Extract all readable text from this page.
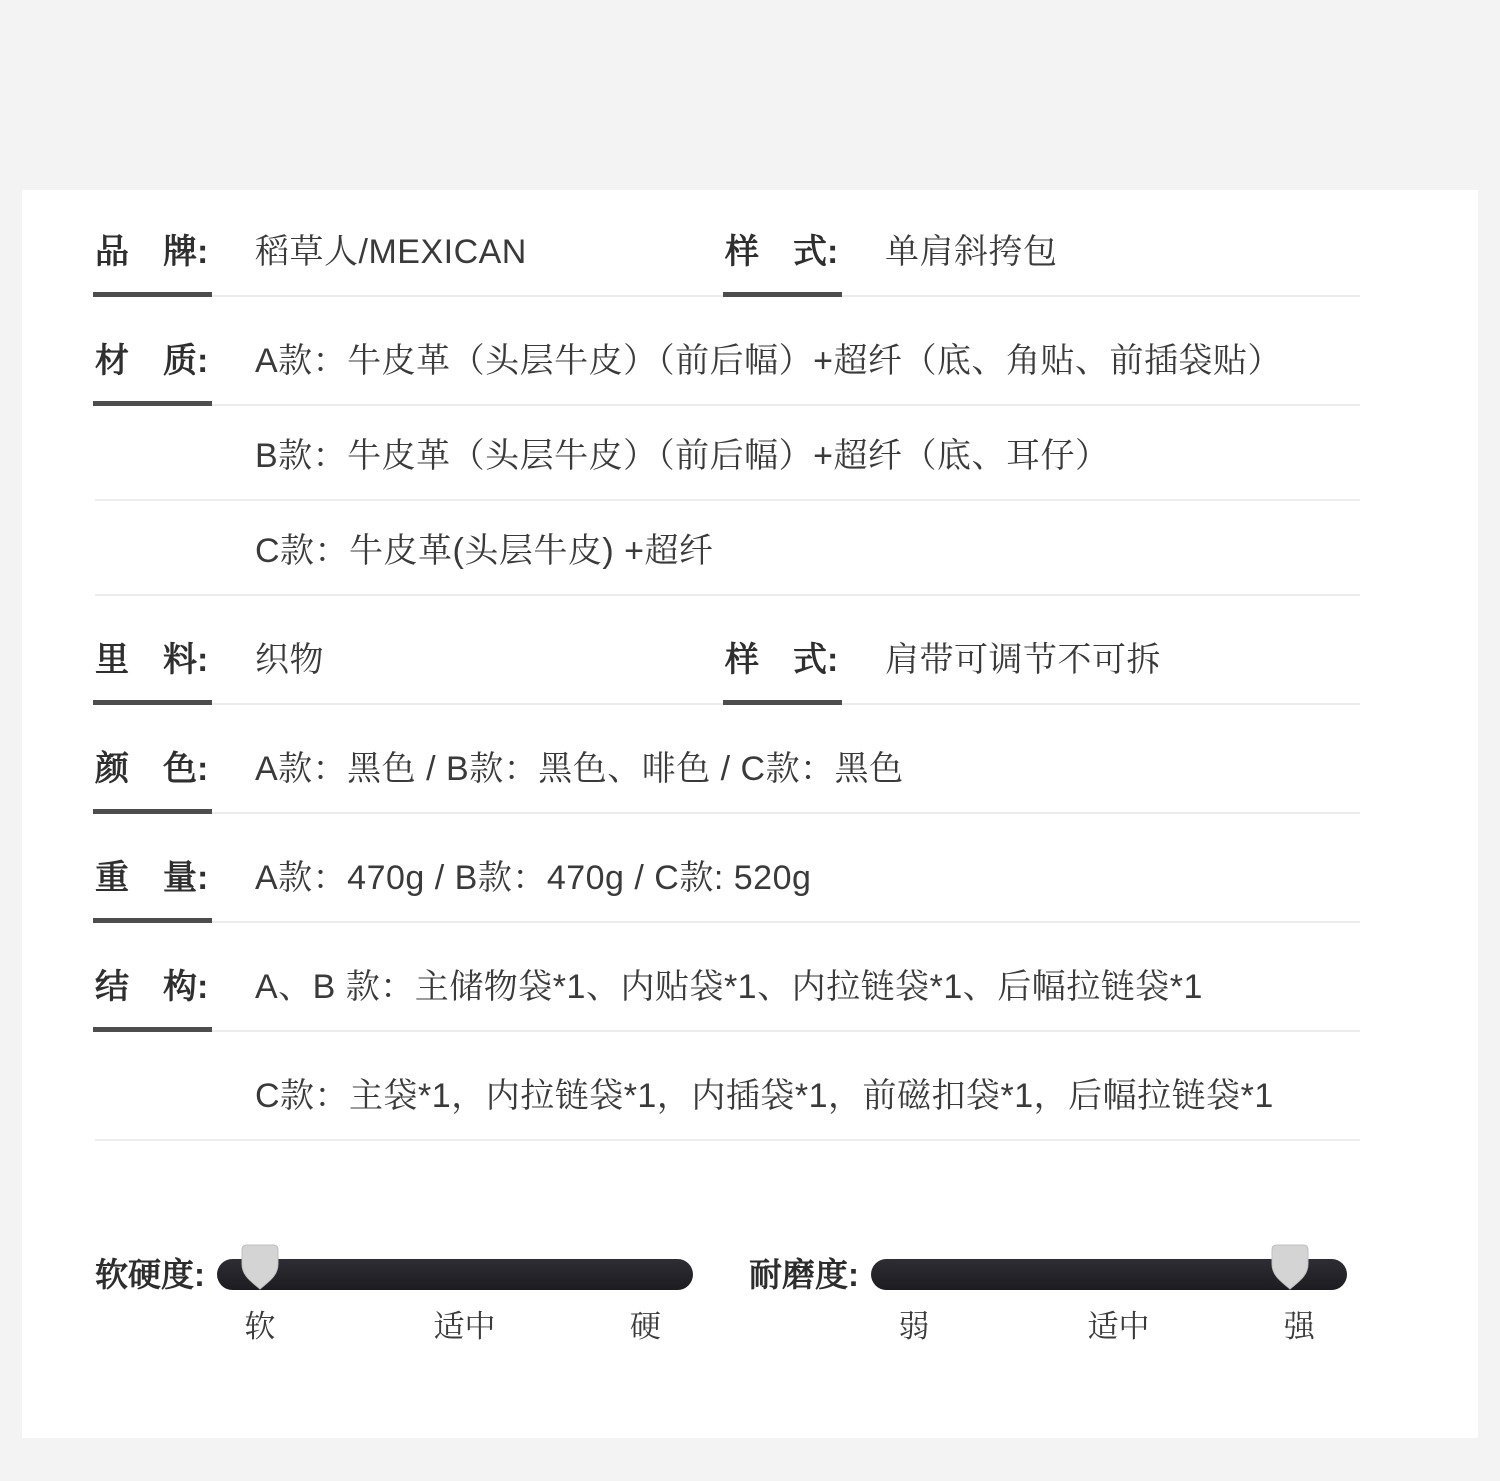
品　牌:	稻草人/MEXICAN	样　式:	单肩斜挎包
材　质:	A款：牛皮革（头层牛皮）（前后幅）+超纤（底、角贴、前插袋贴）
B款：牛皮革（头层牛皮）（前后幅）+超纤（底、耳仔）
C款：牛皮革(头层牛皮) +超纤
里　料:	织物	样　式:	肩带可调节不可拆
颜　色:	A款：黑色 / B款：黑色、啡色 / C款：黑色
重　量:	A款：470g / B款：470g / C款: 520g
结　构:	A、B 款：主储物袋*1、内贴袋*1、内拉链袋*1、后幅拉链袋*1
C款：主袋*1，内拉链袋*1，内插袋*1，前磁扣袋*1，后幅拉链袋*1
软硬度:
软	适中	硬
耐磨度:
弱	适中	强
